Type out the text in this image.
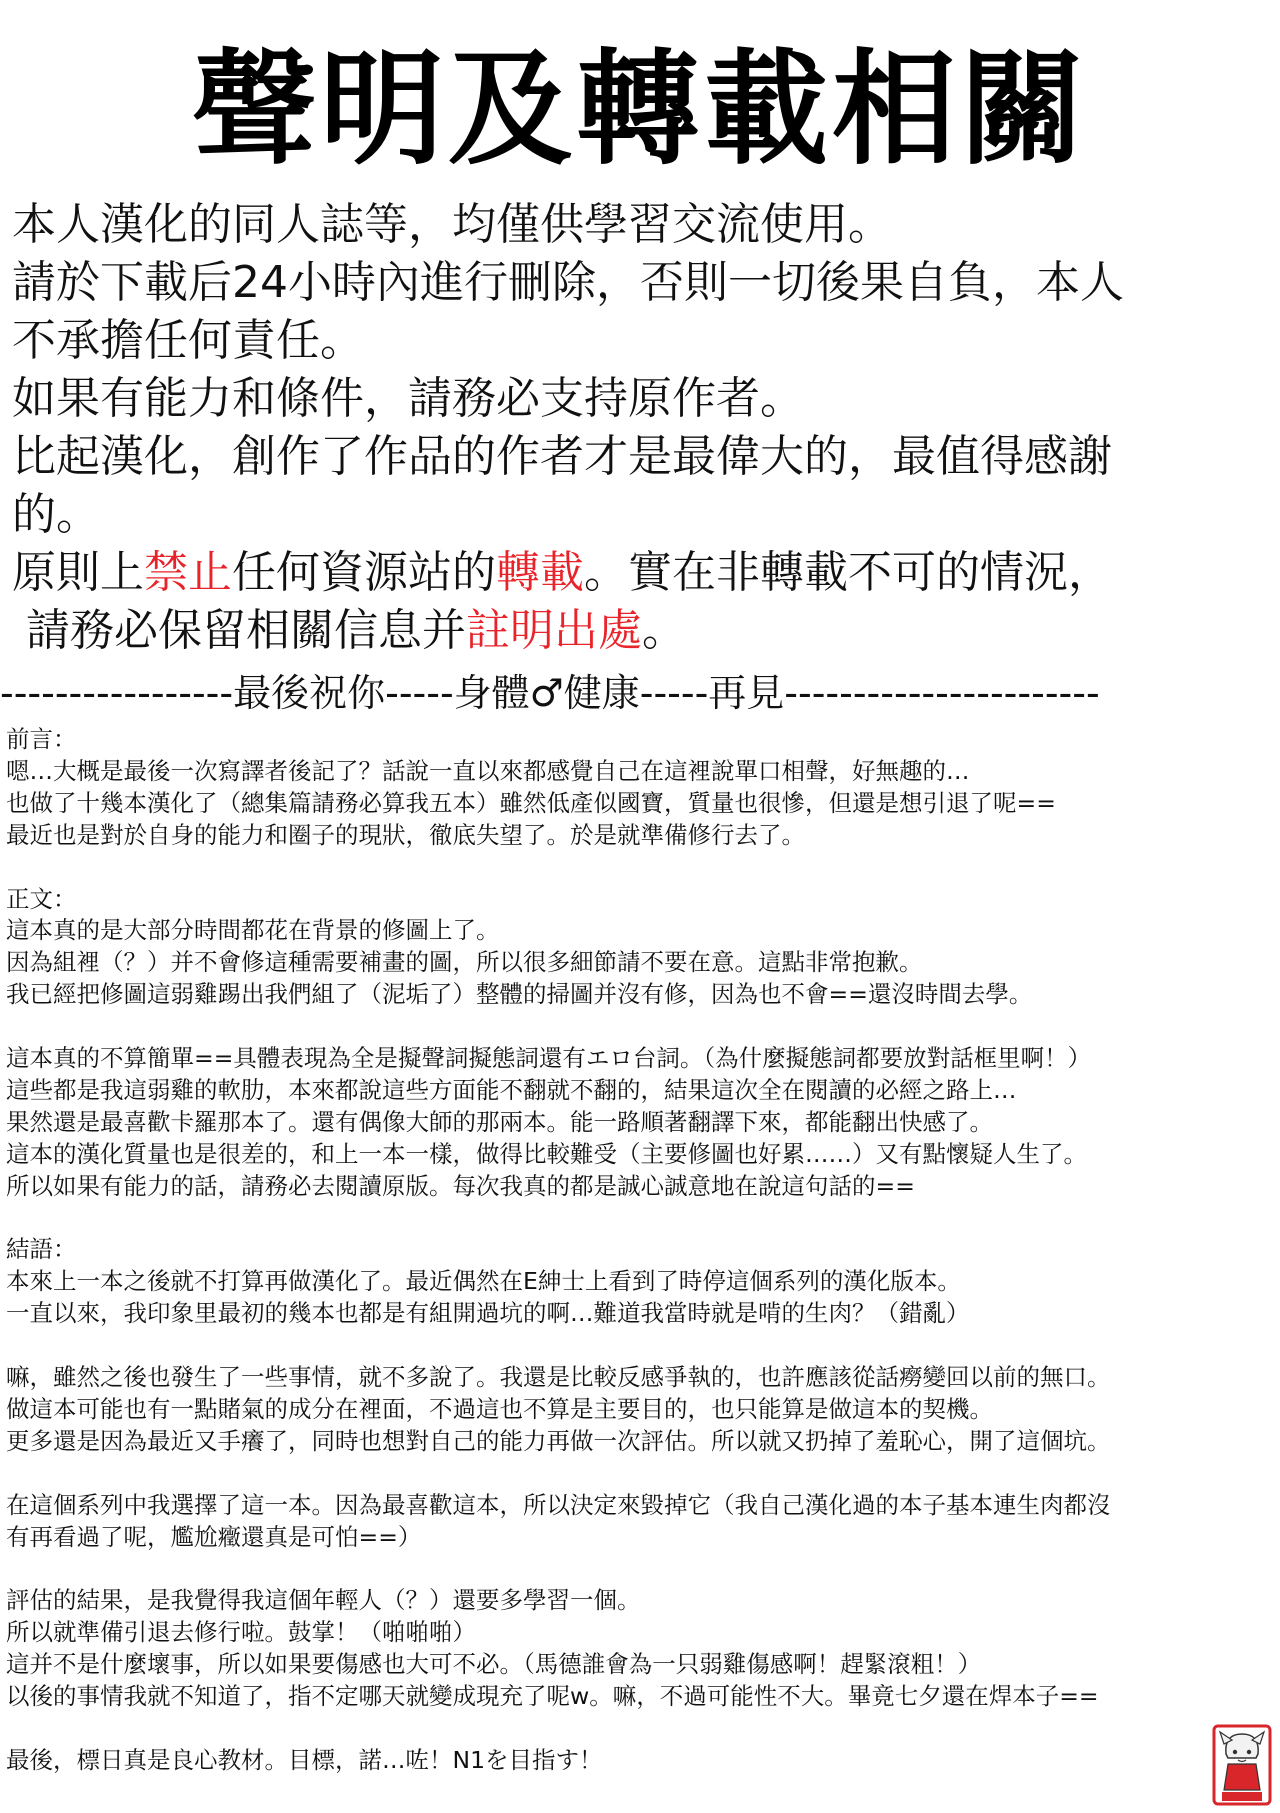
聲明及轉載相關

本人漢化的同人誌等，均僅供學習交流使用。

請於下載后24小時內進行刪除，否則一切後果自負，本人

不承擔任何責任。

如果有能力和條件，請務必支持原作者。

比起漢化，創作了作品的作者才是最偉大的，最值得感謝

的。

原則上禁止任何資源站的轉載。實在非轉載不可的情況，

請務必保留相關信息并註明出處。

-----------------最後祝你-----身體♂健康-----再見-----------------------

前言：

嗯…大概是最後一次寫譯者後記了？話說一直以來都感覺自己在這裡說單口相聲，好無趣的…

也做了十幾本漢化了（總集篇請務必算我五本）雖然低產似國寶，質量也很慘，但還是想引退了呢==

最近也是對於自身的能力和圈子的現狀，徹底失望了。於是就準備修行去了。

正文：

這本真的是大部分時間都花在背景的修圖上了。

因為組裡（？）并不會修這種需要補畫的圖，所以很多細節請不要在意。這點非常抱歉。

我已經把修圖這弱雞踢出我們組了（泥垢了）整體的掃圖并沒有修，因為也不會==還沒時間去學。

這本真的不算簡單==具體表現為全是擬聲詞擬態詞還有エロ台詞。（為什麼擬態詞都要放對話框里啊！）

這些都是我這弱雞的軟肋，本來都說這些方面能不翻就不翻的，結果這次全在閱讀的必經之路上…

果然還是最喜歡卡羅那本了。還有偶像大師的那兩本。能一路順著翻譯下來，都能翻出快感了。

這本的漢化質量也是很差的，和上一本一樣，做得比較難受（主要修圖也好累……）又有點懷疑人生了。

所以如果有能力的話，請務必去閱讀原版。每次我真的都是誠心誠意地在說這句話的==

結語：

本來上一本之後就不打算再做漢化了。最近偶然在E紳士上看到了時停這個系列的漢化版本。

一直以來，我印象里最初的幾本也都是有組開過坑的啊…難道我當時就是啃的生肉？（錯亂）

嘛，雖然之後也發生了一些事情，就不多說了。我還是比較反感爭執的，也許應該從話癆變回以前的無口。

做這本可能也有一點賭氣的成分在裡面，不過這也不算是主要目的，也只能算是做這本的契機。

更多還是因為最近又手癢了，同時也想對自己的能力再做一次評估。所以就又扔掉了羞恥心，開了這個坑。

在這個系列中我選擇了這一本。因為最喜歡這本，所以決定來毀掉它（我自己漢化過的本子基本連生肉都沒

有再看過了呢，尷尬癥還真是可怕==）

評估的結果，是我覺得我這個年輕人（？）還要多學習一個。

所以就準備引退去修行啦。鼓掌！（啪啪啪）

這并不是什麼壞事，所以如果要傷感也大可不必。（馬德誰會為一只弱雞傷感啊！趕緊滾粗！）

以後的事情我就不知道了，指不定哪天就變成現充了呢w。嘛，不過可能性不大。畢竟七夕還在焊本子==

最後，標日真是良心教材。目標，諾…咗！N1を目指す！
